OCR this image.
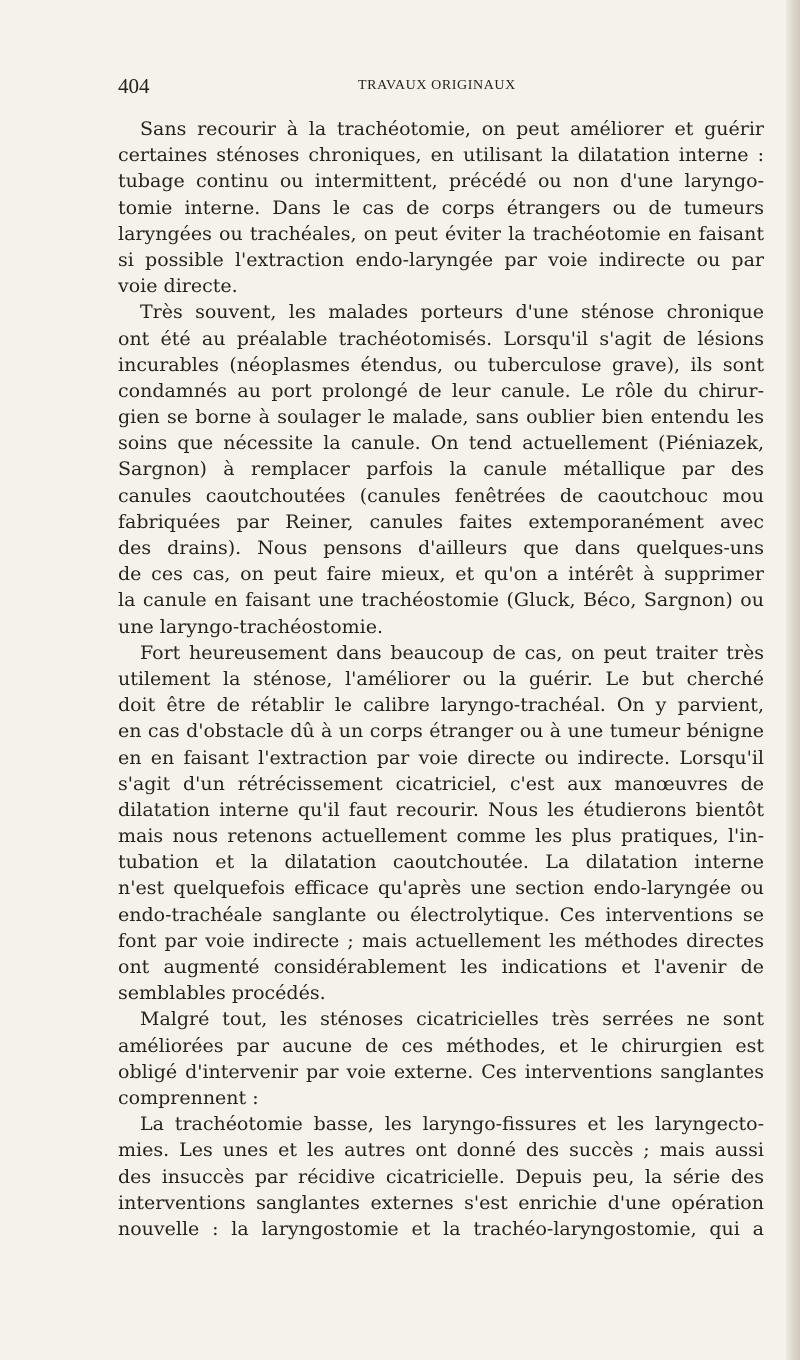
404	TRAVAUX ORIGINAUX
Sans recourir à la trachéotomie, on peut améliorer et guérir
certaines sténoses chroniques, en utilisant la dilatation interne :
tubage continu ou intermittent, précédé ou non d'une laryngo-
tomie interne. Dans le cas de corps étrangers ou de tumeurs
laryngées ou trachéales, on peut éviter la trachéotomie en faisant
si possible l'extraction endo-laryngée par voie indirecte ou par
voie directe.
Très souvent, les malades porteurs d'une sténose chronique
ont été au préalable trachéotomisés. Lorsqu'il s'agit de lésions
incurables (néoplasmes étendus, ou tuberculose grave), ils sont
condamnés au port prolongé de leur canule. Le rôle du chirur-
gien se borne à soulager le malade, sans oublier bien entendu les
soins que nécessite la canule. On tend actuellement (Piéniazek,
Sargnon) à remplacer parfois la canule métallique par des
canules caoutchoutées (canules fenêtrées de caoutchouc mou
fabriquées par Reiner, canules faites extemporanément avec
des drains). Nous pensons d'ailleurs que dans quelques-uns
de ces cas, on peut faire mieux, et qu'on a intérêt à supprimer
la canule en faisant une trachéostomie (Gluck, Béco, Sargnon) ou
une laryngo-trachéostomie.
Fort heureusement dans beaucoup de cas, on peut traiter très
utilement la sténose, l'améliorer ou la guérir. Le but cherché
doit être de rétablir le calibre laryngo-trachéal. On y parvient,
en cas d'obstacle dû à un corps étranger ou à une tumeur bénigne
en en faisant l'extraction par voie directe ou indirecte. Lorsqu'il
s'agit d'un rétrécissement cicatriciel, c'est aux manœuvres de
dilatation interne qu'il faut recourir. Nous les étudierons bientôt
mais nous retenons actuellement comme les plus pratiques, l'in-
tubation et la dilatation caoutchoutée. La dilatation interne
n'est quelquefois efficace qu'après une section endo-laryngée ou
endo-trachéale sanglante ou électrolytique. Ces interventions se
font par voie indirecte ; mais actuellement les méthodes directes
ont augmenté considérablement les indications et l'avenir de
semblables procédés.
Malgré tout, les sténoses cicatricielles très serrées ne sont
améliorées par aucune de ces méthodes, et le chirurgien est
obligé d'intervenir par voie externe. Ces interventions sanglantes
comprennent :
La trachéotomie basse, les laryngo-fissures et les laryngecto-
mies. Les unes et les autres ont donné des succès ; mais aussi
des insuccès par récidive cicatricielle. Depuis peu, la série des
interventions sanglantes externes s'est enrichie d'une opération
nouvelle : la laryngostomie et la trachéo-laryngostomie, qui a
